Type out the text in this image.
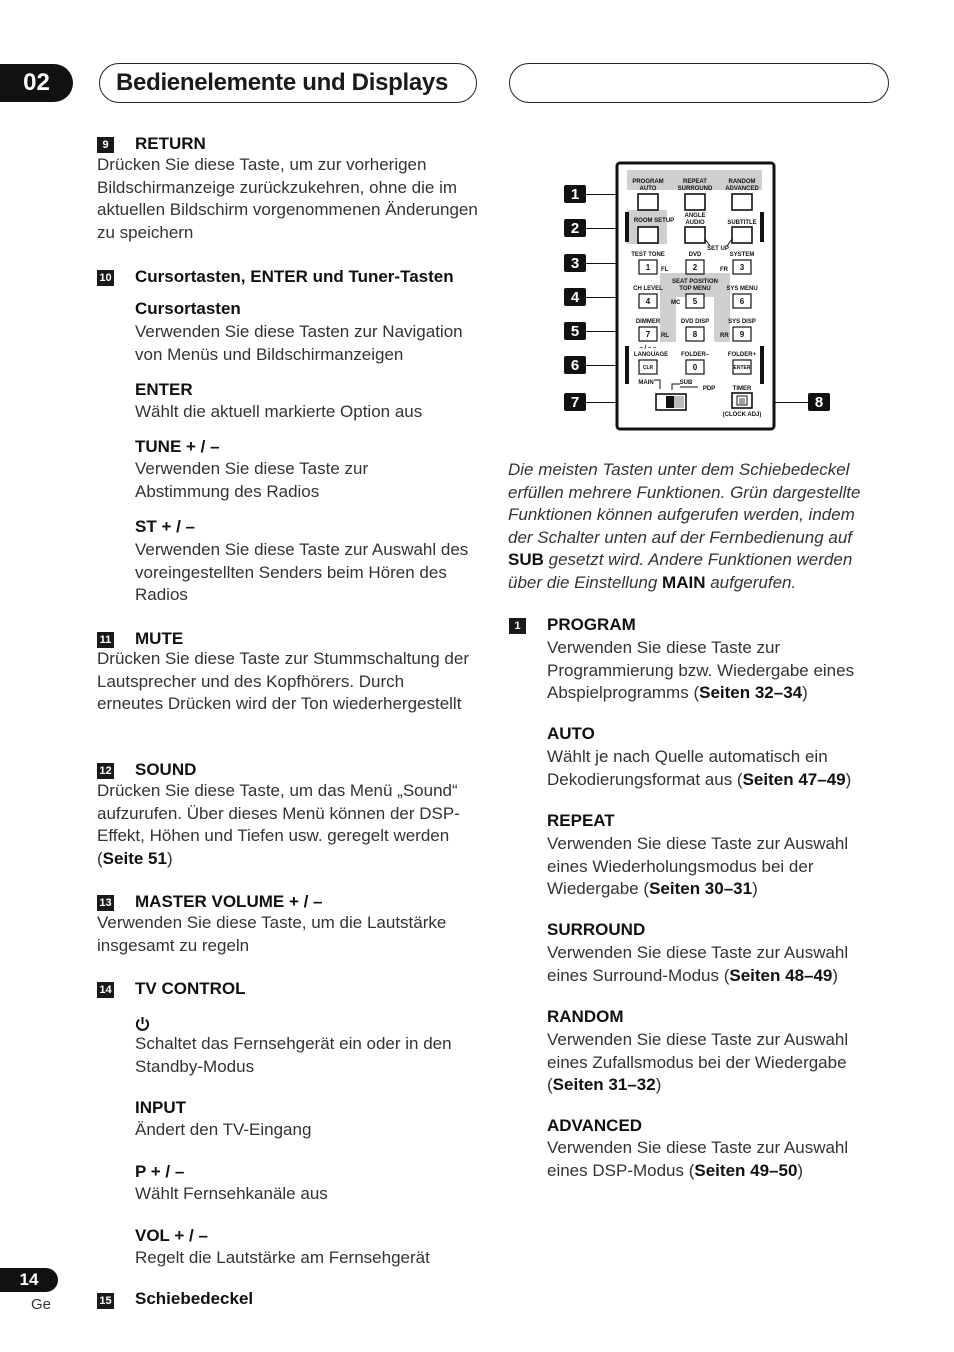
02	Bedienelemente und Displays
9	RETURN
Drücken Sie diese Taste, um zur vorherigen Bildschirmanzeige zurückzukehren, ohne die im aktuellen Bildschirm vorgenommenen Änderungen zu speichern
10 Cursortasten, ENTER und Tuner-Tasten
Cursortasten
Verwenden Sie diese Tasten zur Navigation von Menüs und Bildschirmanzeigen
ENTER
Wählt die aktuell markierte Option aus
TUNE + / –
Verwenden Sie diese Taste zur Abstimmung des Radios
ST + / –
Verwenden Sie diese Taste zur Auswahl des voreingestellten Senders beim Hören des Radios
11 MUTE
Drücken Sie diese Taste zur Stummschaltung der Lautsprecher und des Kopfhörers. Durch erneutes Drücken wird der Ton wiederhergestellt
12 SOUND
Drücken Sie diese Taste, um das Menü „Sound“ aufzurufen. Über dieses Menü können der DSP-Effekt, Höhen und Tiefen usw. geregelt werden (Seite 51)
13 MASTER VOLUME + / –
Verwenden Sie diese Taste, um die Lautstärke insgesamt zu regeln
14 TV CONTROL
Schaltet das Fernsehgerät ein oder in den Standby-Modus
INPUT
Ändert den TV-Eingang
P + / –
Wählt Fernsehkanäle aus
VOL + / –
Regelt die Lautstärke am Fernsehgerät
15 Schiebedeckel
1
2
3
4
5
6
7	8
PROGRAM
AUTO
REPEAT
SURROUND
RANDOM
ADVANCED
ROOM SETUP
ANGLE
AUDIO	SUBTITLE
SET UP
TEST TONE	DVD	SYSTEM
SEAT POSITION
CH LEVEL	TOP MENU	SYS MENU
DIMMER	DVD DISP	SYS DISP
– / – –
LANGUAGE FOLDER–	FOLDER+
MAIN	SUB
PDP	TIMER
(CLOCK ADJ)
FL	FR
MC
RL	RR
1	2	3
4	5	6
7	8	9
0
CLR	ENTER
Die meisten Tasten unter dem Schiebedeckel erfüllen mehrere Funktionen. Grün dargestellte Funktionen können aufgerufen werden, indem der Schalter unten auf der Fernbedienung auf SUB gesetzt wird. Andere Funktionen werden über die Einstellung MAIN aufgerufen.
1	PROGRAM
Verwenden Sie diese Taste zur Programmierung bzw. Wiedergabe eines Abspielprogramms (Seiten 32–34)
AUTO
Wählt je nach Quelle automatisch ein Dekodierungsformat aus (Seiten 47–49)
REPEAT
Verwenden Sie diese Taste zur Auswahl eines Wiederholungsmodus bei der Wiedergabe (Seiten 30–31)
SURROUND
Verwenden Sie diese Taste zur Auswahl eines Surround-Modus (Seiten 48–49)
RANDOM
Verwenden Sie diese Taste zur Auswahl eines Zufallsmodus bei der Wiedergabe (Seiten 31–32)
ADVANCED
Verwenden Sie diese Taste zur Auswahl eines DSP-Modus (Seiten 49–50)
14
Ge
